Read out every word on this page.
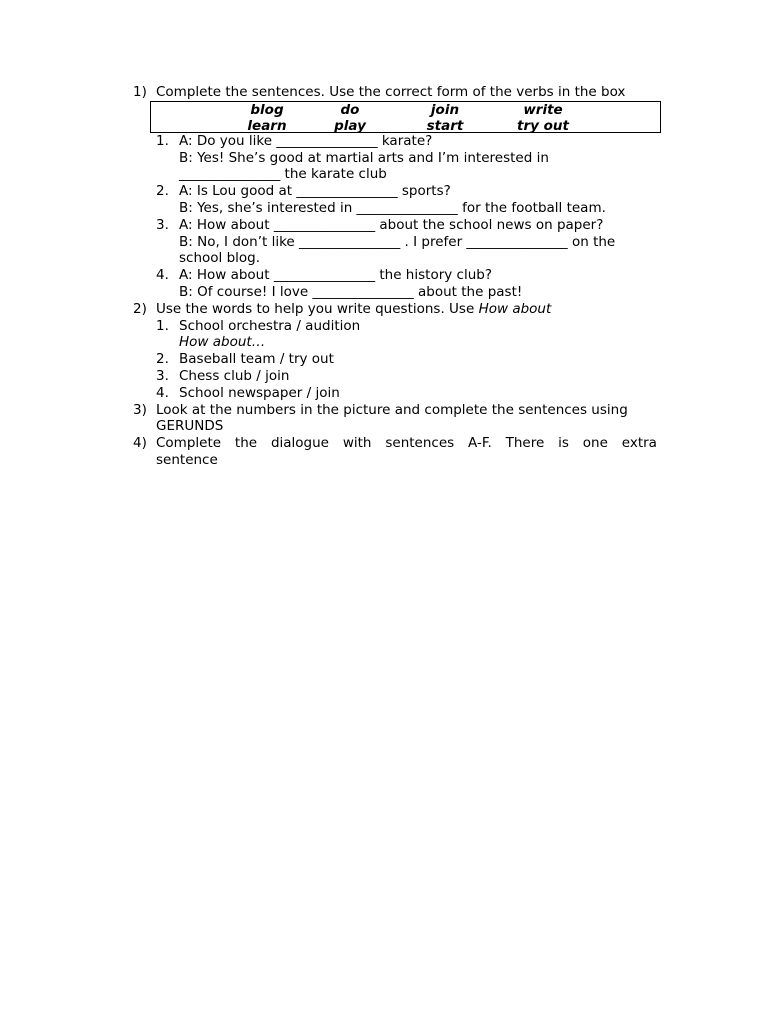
1) Complete the sentences. Use the correct form of the verbs in the box
blog	do	join	write
learn	play	start	try out
1. A: Do you like _______________ karate?
B: Yes! She’s good at martial arts and I’m interested in
_______________ the karate club
2. A: Is Lou good at _______________ sports?
B: Yes, she’s interested in _______________ for the football team.
3. A: How about _______________ about the school news on paper?
B: No, I don’t like _______________ . I prefer _______________ on the
school blog.
4. A: How about _______________ the history club?
B: Of course! I love _______________ about the past!
2) Use the words to help you write questions. Use How about
1. School orchestra / audition
How about…
2. Baseball team / try out
3. Chess club / join
4. School newspaper / join
3) Look at the numbers in the picture and complete the sentences using
GERUNDS
4) Complete the dialogue with sentences A-F. There is one extra
sentence
